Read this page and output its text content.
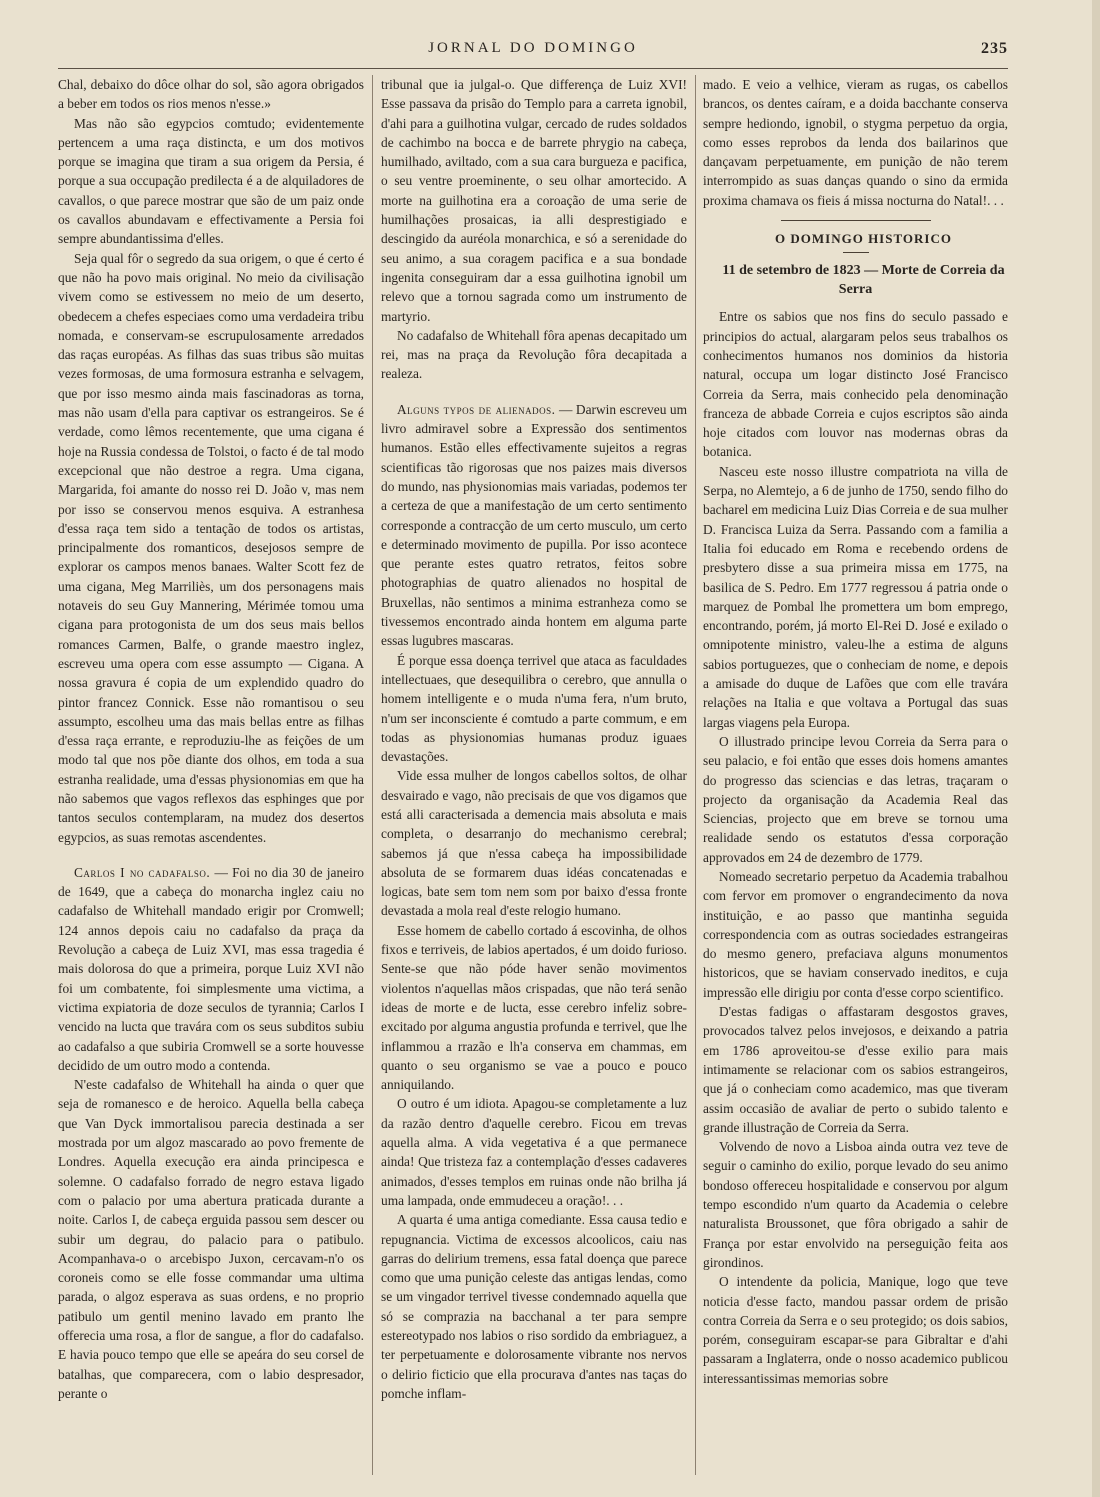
JORNAL DO DOMINGO	235

Chal, debaixo do dôce olhar do sol, são agora obrigados a beber em todos os rios menos n'esse.»

Mas não são egypcios comtudo; evidentemente pertencem a uma raça distincta, e um dos motivos porque se imagina que tiram a sua origem da Persia, é porque a sua occupação predilecta é a de alquiladores de cavallos, o que parece mostrar que são de um paiz onde os cavallos abundavam e effectivamente a Persia foi sempre abundantissima d'elles.

Seja qual fôr o segredo da sua origem, o que é certo é que não ha povo mais original. No meio da civilisação vivem como se estivessem no meio de um deserto, obedecem a chefes especiaes como uma verdadeira tribu nomada, e conservam-se escrupulosamente arredados das raças européas. As filhas das suas tribus são muitas vezes formosas, de uma formosura estranha e selvagem, que por isso mesmo ainda mais fascinadoras as torna, mas não usam d'ella para captivar os estrangeiros. Se é verdade, como lêmos recentemente, que uma cigana é hoje na Russia condessa de Tolstoi, o facto é de tal modo excepcional que não destroe a regra. Uma cigana, Margarida, foi amante do nosso rei D. João v, mas nem por isso se conservou menos esquiva. A estranhesa d'essa raça tem sido a tentação de todos os artistas, principalmente dos romanticos, desejosos sempre de explorar os campos menos banaes. Walter Scott fez de uma cigana, Meg Marriliès, um dos personagens mais notaveis do seu Guy Mannering, Mérimée tomou uma cigana para protogonista de um dos seus mais bellos romances Carmen, Balfe, o grande maestro inglez, escreveu uma opera com esse assumpto — Cigana. A nossa gravura é copia de um explendido quadro do pintor francez Connick. Esse não romantisou o seu assumpto, escolheu uma das mais bellas entre as filhas d'essa raça errante, e reproduziu-lhe as feições de um modo tal que nos põe diante dos olhos, em toda a sua estranha realidade, uma d'essas physionomias em que ha não sabemos que vagos reflexos das esphinges que por tantos seculos contemplaram, na mudez dos desertos egypcios, as suas remotas ascendentes.

Carlos I no cadafalso. — Foi no dia 30 de janeiro de 1649, que a cabeça do monarcha inglez caiu no cadafalso de Whitehall mandado erigir por Cromwell; 124 annos depois caiu no cadafalso da praça da Revolução a cabeça de Luiz XVI, mas essa tragedia é mais dolorosa do que a primeira, porque Luiz XVI não foi um combatente, foi simplesmente uma victima, a victima expiatoria de doze seculos de tyrannia; Carlos I vencido na lucta que travára com os seus subditos subiu ao cadafalso a que subiria Cromwell se a sorte houvesse decidido de um outro modo a contenda.

N'este cadafalso de Whitehall ha ainda o quer que seja de romanesco e de heroico. Aquella bella cabeça que Van Dyck immortalisou parecia destinada a ser mostrada por um algoz mascarado ao povo fremente de Londres. Aquella execução era ainda principesca e solemne. O cadafalso forrado de negro estava ligado com o palacio por uma abertura praticada durante a noite. Carlos I, de cabeça erguida passou sem descer ou subir um degrau, do palacio para o patibulo. Acompanhava-o o arcebispo Juxon, cercavam-n'o os coroneis como se elle fosse commandar uma ultima parada, o algoz esperava as suas ordens, e no proprio patibulo um gentil menino lavado em pranto lhe offerecia uma rosa, a flor de sangue, a flor do cadafalso. E havia pouco tempo que elle se apeára do seu corsel de batalhas, que comparecera, com o labio despresador, perante o

tribunal que ia julgal-o. Que differença de Luiz XVI! Esse passava da prisão do Templo para a carreta ignobil, d'ahi para a guilhotina vulgar, cercado de rudes soldados de cachimbo na bocca e de barrete phrygio na cabeça, humilhado, aviltado, com a sua cara burgueza e pacifica, o seu ventre proeminente, o seu olhar amortecido. A morte na guilhotina era a coroação de uma serie de humilhações prosaicas, ia alli desprestigiado e descingido da auréola monarchica, e só a serenidade do seu animo, a sua coragem pacifica e a sua bondade ingenita conseguiram dar a essa guilhotina ignobil um relevo que a tornou sagrada como um instrumento de martyrio.

No cadafalso de Whitehall fôra apenas decapitado um rei, mas na praça da Revolução fôra decapitada a realeza.

Alguns typos de alienados. — Darwin escreveu um livro admiravel sobre a Expressão dos sentimentos humanos. Estão elles effectivamente sujeitos a regras scientificas tão rigorosas que nos paizes mais diversos do mundo, nas physionomias mais variadas, podemos ter a certeza de que a manifestação de um certo sentimento corresponde a contracção de um certo musculo, um certo e determinado movimento de pupilla. Por isso acontece que perante estes quatro retratos, feitos sobre photographias de quatro alienados no hospital de Bruxellas, não sentimos a minima estranheza como se tivessemos encontrado ainda hontem em alguma parte essas lugubres mascaras.

É porque essa doença terrivel que ataca as faculdades intellectuaes, que desequilibra o cerebro, que annulla o homem intelligente e o muda n'uma fera, n'um bruto, n'um ser inconsciente é comtudo a parte commum, e em todas as physionomias humanas produz iguaes devastações.

Vide essa mulher de longos cabellos soltos, de olhar desvairado e vago, não precisais de que vos digamos que está alli caracterisada a demencia mais absoluta e mais completa, o desarranjo do mechanismo cerebral; sabemos já que n'essa cabeça ha impossibilidade absoluta de se formarem duas idéas concatenadas e logicas, bate sem tom nem som por baixo d'essa fronte devastada a mola real d'este relogio humano.

Esse homem de cabello cortado á escovinha, de olhos fixos e terriveis, de labios apertados, é um doido furioso. Sente-se que não póde haver senão movimentos violentos n'aquellas mãos crispadas, que não terá senão ideas de morte e de lucta, esse cerebro infeliz sobre-excitado por alguma angustia profunda e terrivel, que lhe inflammou a rrazão e lh'a conserva em chammas, em quanto o seu organismo se vae a pouco e pouco anniquilando.

O outro é um idiota. Apagou-se completamente a luz da razão dentro d'aquelle cerebro. Ficou em trevas aquella alma. A vida vegetativa é a que permanece ainda! Que tristeza faz a contemplação d'esses cadaveres animados, d'esses templos em ruinas onde não brilha já uma lampada, onde emmudeceu a oração!. . .

A quarta é uma antiga comediante. Essa causa tedio e repugnancia. Victima de excessos alcoolicos, caiu nas garras do delirium tremens, essa fatal doença que parece como que uma punição celeste das antigas lendas, como se um vingador terrivel tivesse condemnado aquella que só se comprazia na bacchanal a ter para sempre estereotypado nos labios o riso sordido da embriaguez, a ter perpetuamente e dolorosamente vibrante nos nervos o delirio ficticio que ella procurava d'antes nas taças do pomche inflam-

mado. E veio a velhice, vieram as rugas, os cabellos brancos, os dentes caíram, e a doida bacchante conserva sempre hediondo, ignobil, o stygma perpetuo da orgia, como esses reprobos da lenda dos bailarinos que dançavam perpetuamente, em punição de não terem interrompido as suas danças quando o sino da ermida proxima chamava os fieis á missa nocturna do Natal!. . .

O DOMINGO HISTORICO

11 de setembro de 1823 — Morte de Correia da Serra

Entre os sabios que nos fins do seculo passado e principios do actual, alargaram pelos seus trabalhos os conhecimentos humanos nos dominios da historia natural, occupa um logar distincto José Francisco Correia da Serra, mais conhecido pela denominação franceza de abbade Correia e cujos escriptos são ainda hoje citados com louvor nas modernas obras da botanica.

Nasceu este nosso illustre compatriota na villa de Serpa, no Alemtejo, a 6 de junho de 1750, sendo filho do bacharel em medicina Luiz Dias Correia e de sua mulher D. Francisca Luiza da Serra. Passando com a familia a Italia foi educado em Roma e recebendo ordens de presbytero disse a sua primeira missa em 1775, na basilica de S. Pedro. Em 1777 regressou á patria onde o marquez de Pombal lhe promettera um bom emprego, encontrando, porém, já morto El-Rei D. José e exilado o omnipotente ministro, valeu-lhe a estima de alguns sabios portuguezes, que o conheciam de nome, e depois a amisade do duque de Lafões que com elle travára relações na Italia e que voltava a Portugal das suas largas viagens pela Europa.

O illustrado principe levou Correia da Serra para o seu palacio, e foi então que esses dois homens amantes do progresso das sciencias e das letras, traçaram o projecto da organisação da Academia Real das Sciencias, projecto que em breve se tornou uma realidade sendo os estatutos d'essa corporação approvados em 24 de dezembro de 1779.

Nomeado secretario perpetuo da Academia trabalhou com fervor em promover o engrandecimento da nova instituição, e ao passo que mantinha seguida correspondencia com as outras sociedades estrangeiras do mesmo genero, prefaciava alguns monumentos historicos, que se haviam conservado ineditos, e cuja impressão elle dirigiu por conta d'esse corpo scientifico.

D'estas fadigas o affastaram desgostos graves, provocados talvez pelos invejosos, e deixando a patria em 1786 aproveitou-se d'esse exilio para mais intimamente se relacionar com os sabios estrangeiros, que já o conheciam como academico, mas que tiveram assim occasião de avaliar de perto o subido talento e grande illustração de Correia da Serra.

Volvendo de novo a Lisboa ainda outra vez teve de seguir o caminho do exilio, porque levado do seu animo bondoso offereceu hospitalidade e conservou por algum tempo escondido n'um quarto da Academia o celebre naturalista Broussonet, que fôra obrigado a sahir de França por estar envolvido na perseguição feita aos girondinos.

O intendente da policia, Manique, logo que teve noticia d'esse facto, mandou passar ordem de prisão contra Correia da Serra e o seu protegido; os dois sabios, porém, conseguiram escapar-se para Gibraltar e d'ahi passaram a Inglaterra, onde o nosso academico publicou interessantissimas memorias sobre
